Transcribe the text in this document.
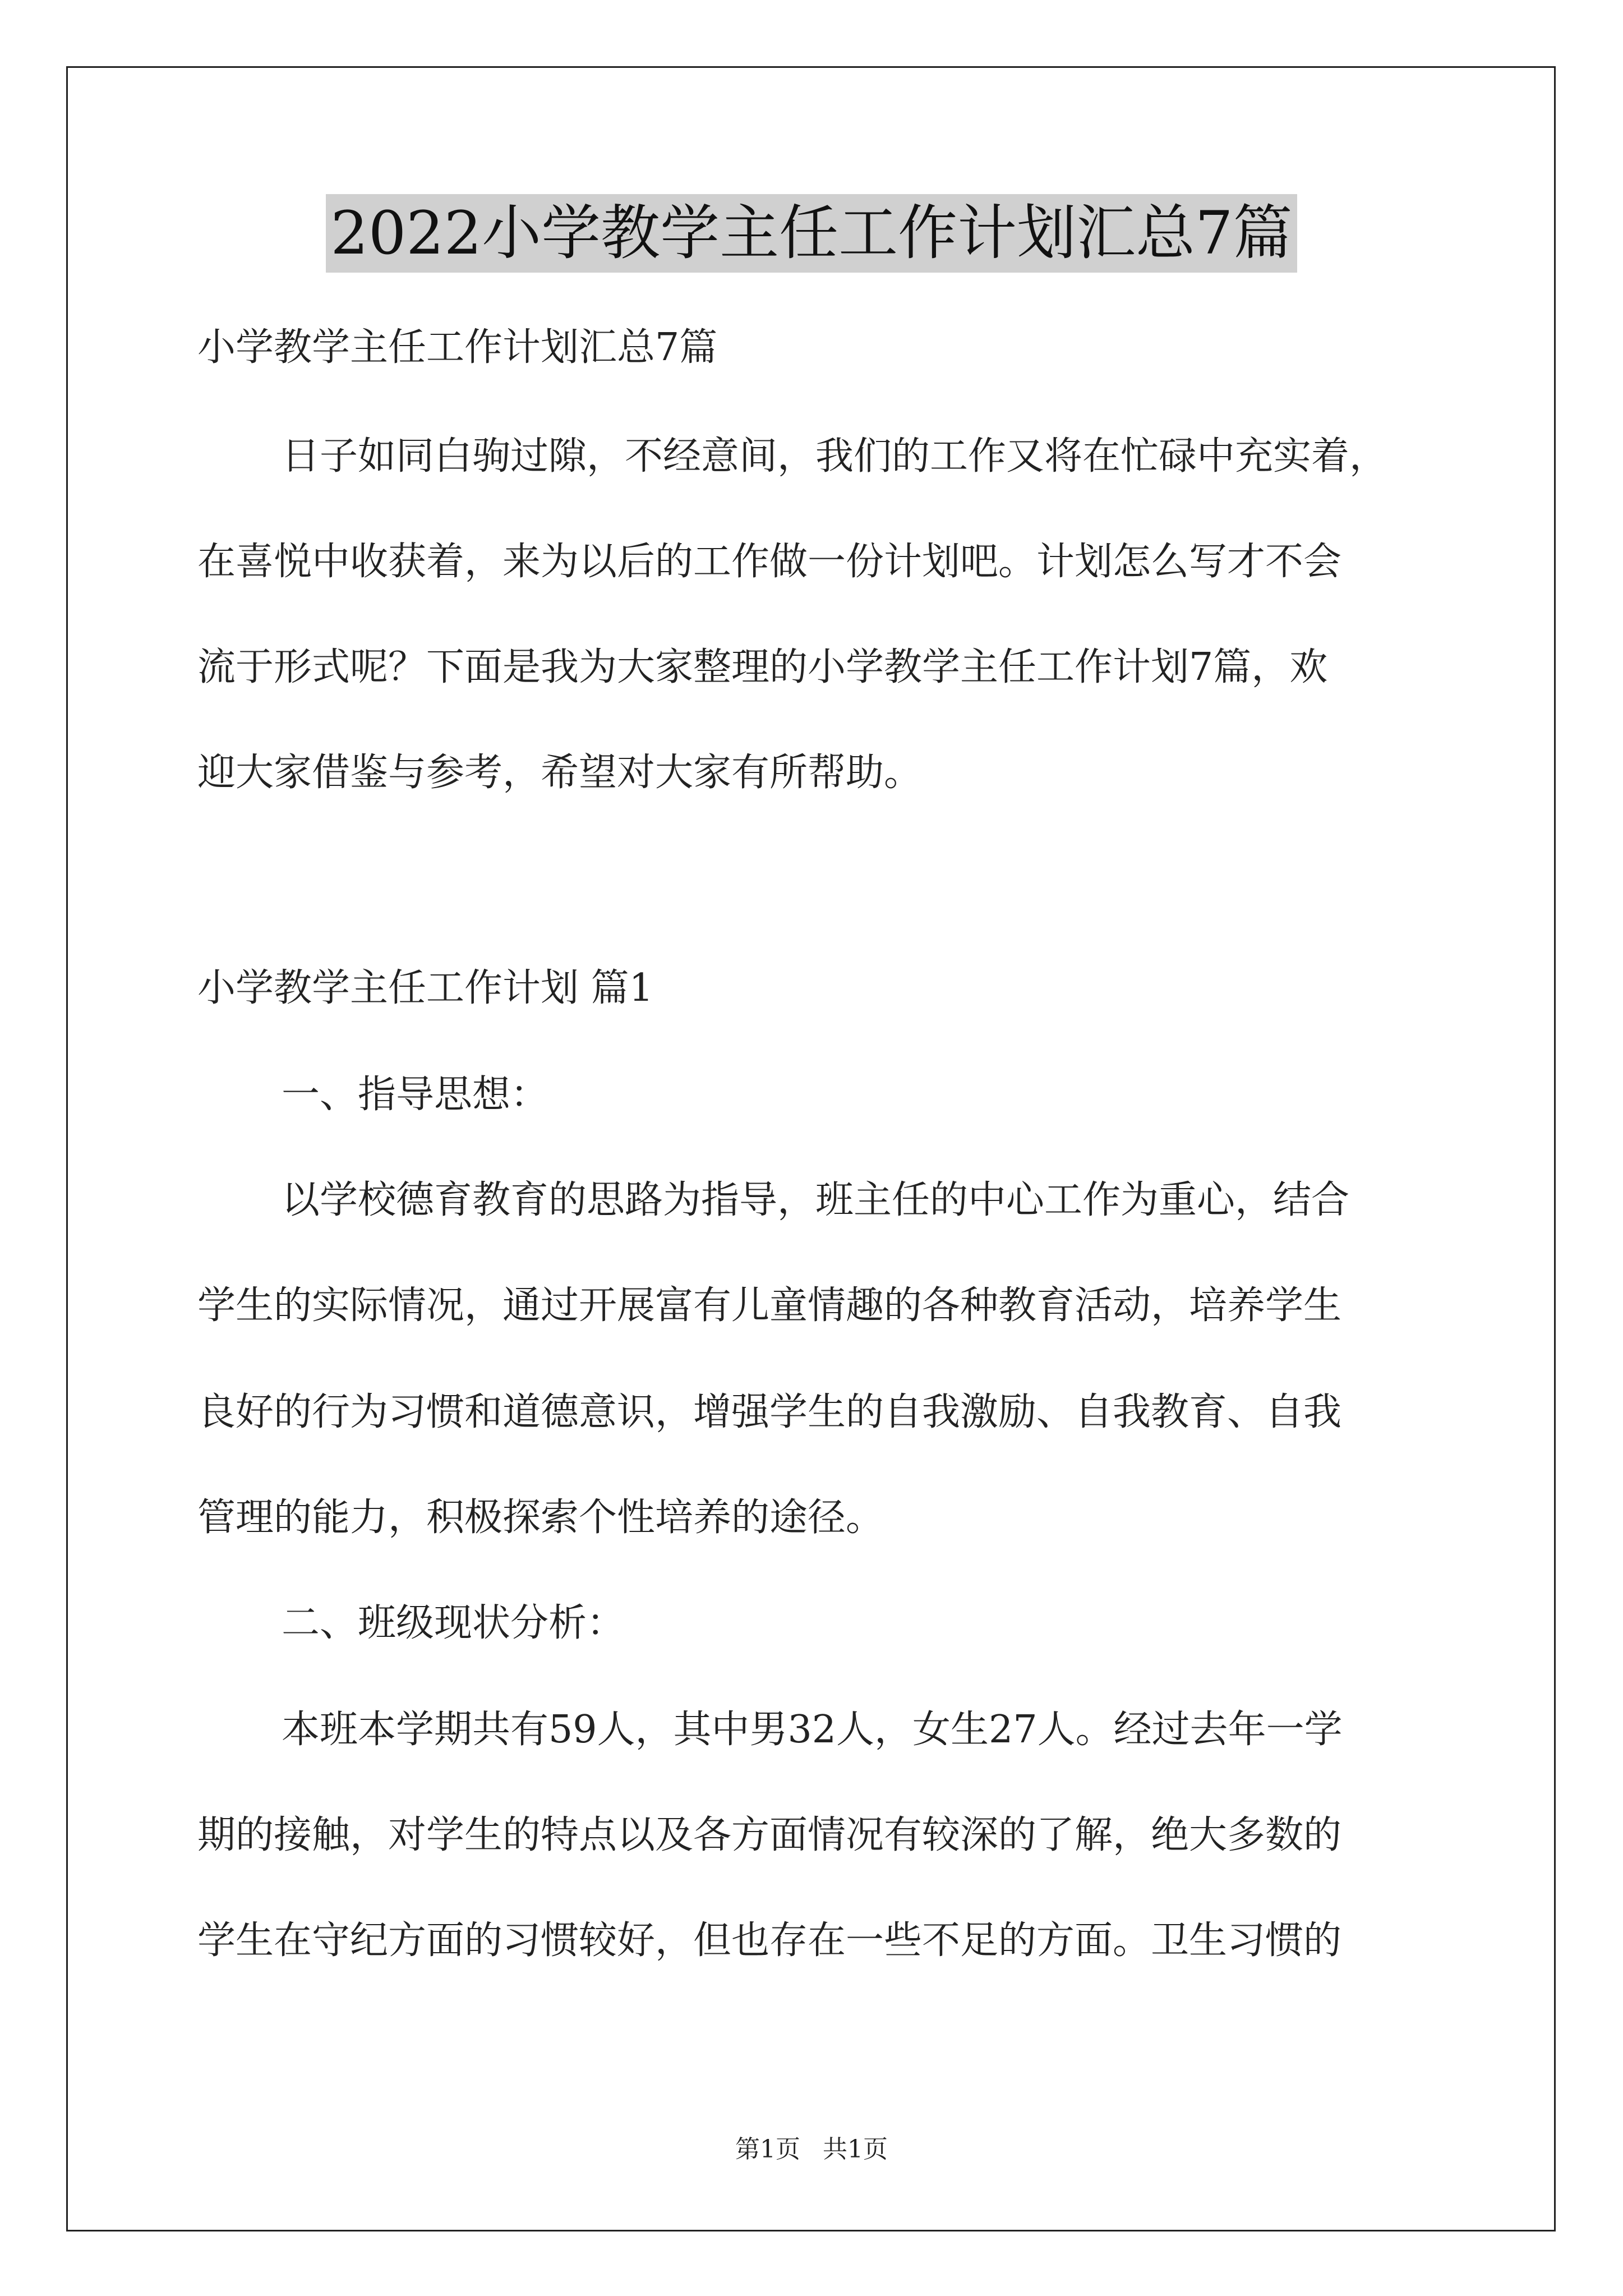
2022小学教学主任工作计划汇总7篇
小学教学主任工作计划汇总7篇
日子如同白驹过隙，不经意间，我们的工作又将在忙碌中充实着，
在喜悦中收获着，来为以后的工作做一份计划吧。计划怎么写才不会
流于形式呢？下面是我为大家整理的小学教学主任工作计划7篇，欢
迎大家借鉴与参考，希望对大家有所帮助。
小学教学主任工作计划 篇1
一、指导思想：
以学校德育教育的思路为指导，班主任的中心工作为重心，结合
学生的实际情况，通过开展富有儿童情趣的各种教育活动，培养学生
良好的行为习惯和道德意识，增强学生的自我激励、自我教育、自我
管理的能力，积极探索个性培养的途径。
二、班级现状分析：
本班本学期共有59人，其中男32人，女生27人。经过去年一学
期的接触，对学生的特点以及各方面情况有较深的了解，绝大多数的
学生在守纪方面的习惯较好，但也存在一些不足的方面。卫生习惯的
第1页 共1页
